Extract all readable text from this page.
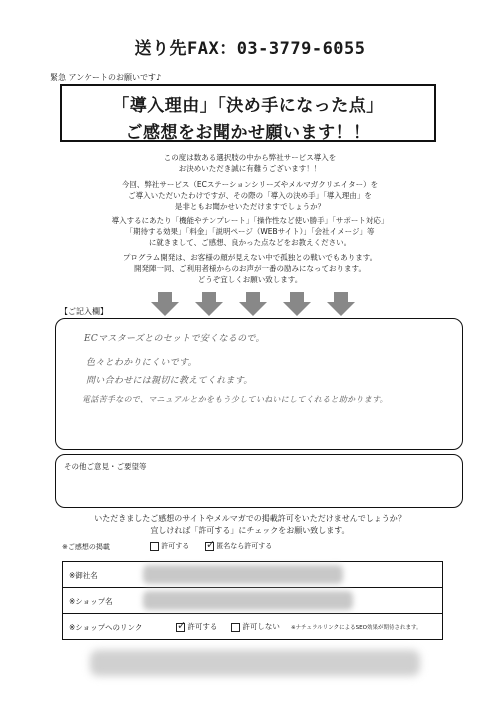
送り先FAX：03-3779-6055
緊急 アンケートのお願いです♪
「導入理由」「決め手になった点」
ご感想をお聞かせ願います！！

この度は数ある選択肢の中から弊社サービス導入を

お決めいただき誠に有難うございます！！

今回、弊社サービス（ECステーションシリーズやメルマガクリエイター）を

ご導入いただいたわけですが、その際の「導入の決め手」「導入理由」を

是非ともお聞かせいただけますでしょうか？

導入するにあたり「機能やテンプレート」「操作性など使い勝手」「サポート対応」

「期待する効果」「料金」「説明ページ（WEBサイト）」「会社イメージ」等

に就きまして、ご感想、良かった点などをお教えください。

プログラム開発は、お客様の顔が見えない中で孤独との戦いでもあります。

開発陣一同、ご利用者様からのお声が一番の励みになっております。

どうぞ宜しくお願い致します。

【ご記入欄】
ECマスターズとのセットで安くなるので。
色々とわかりにくいです。
問い合わせには親切に教えてくれます。
電話苦手なので、マニュアルとかをもう少していねいにしてくれると助かります。
その他ご意見・ご要望等
いただきましたご感想のサイトやメルマガでの掲載許可をいただけませんでしょうか？
宜しければ「許可する」にチェックをお願い致します。
※ご感想の掲載	許可する ✓ 匿名なら許可する
※御社名
※ショップ名
※ショップへのリンク	✓ 許可する	許可しない ※ナチュラルリンクによるSEO効果が期待されます。
